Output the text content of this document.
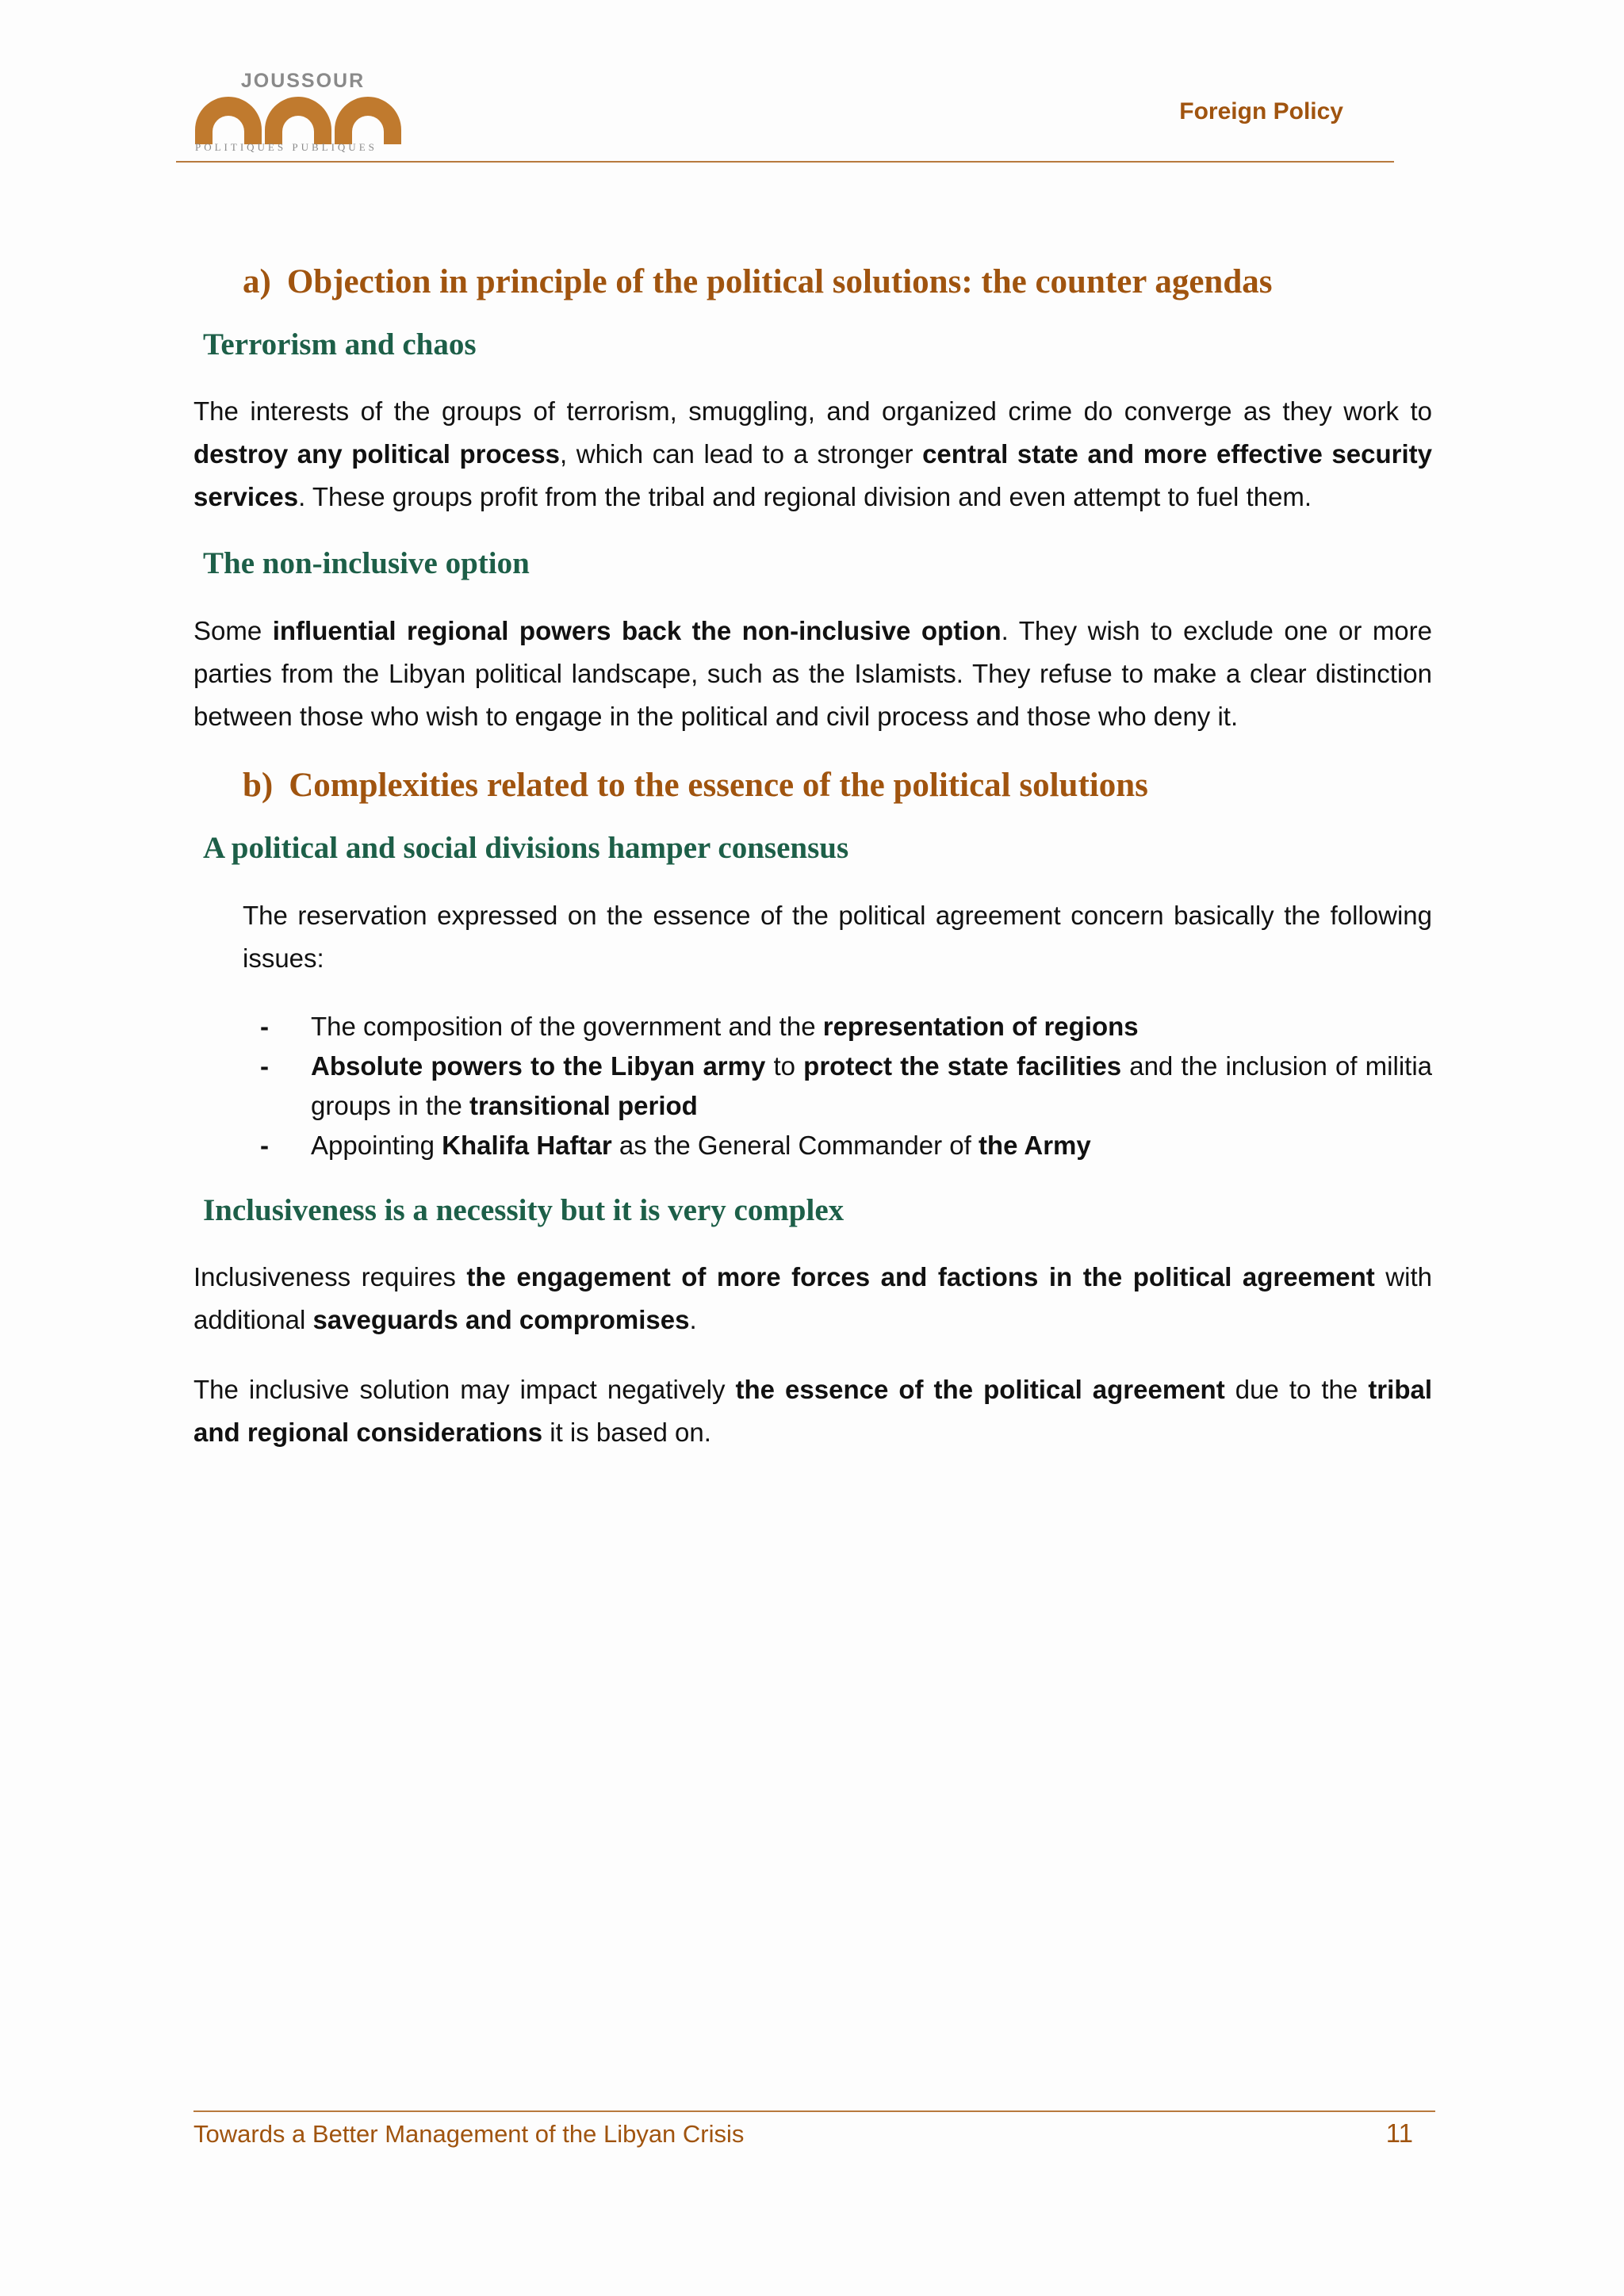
JOUSSOUR
POLITIQUES PUBLIQUES
Foreign Policy
a) Objection in principle of the political solutions: the counter agendas
Terrorism and chaos

The interests of the groups of terrorism, smuggling, and organized crime do converge as they work to destroy any political process, which can lead to a stronger central state and more effective security services. These groups profit from the tribal and regional division and even attempt to fuel them.

The non-inclusive option

Some influential regional powers back the non-inclusive option. They wish to exclude one or more parties from the Libyan political landscape, such as the Islamists. They refuse to make a clear distinction between those who wish to engage in the political and civil process and those who deny it.

b) Complexities related to the essence of the political solutions
A political and social divisions hamper consensus

The reservation expressed on the essence of the political agreement concern basically the following issues:

- The composition of the government and the representation of regions
- Absolute powers to the Libyan army to protect the state facilities and the inclusion of militia groups in the transitional period
- Appointing Khalifa Haftar as the General Commander of the Army
Inclusiveness is a necessity but it is very complex

Inclusiveness requires the engagement of more forces and factions in the political agreement with additional saveguards and compromises.

The inclusive solution may impact negatively the essence of the political agreement due to the tribal and regional considerations it is based on.

Towards a Better Management of the Libyan Crisis	11
